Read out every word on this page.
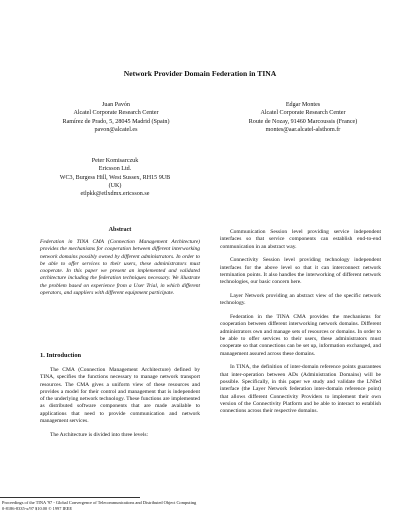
Network Provider Domain Federation in TINA
Juan Pavón
Alcatel Corporate Research Center
Ramírez de Prado, 5, 28045 Madrid (Spain)
pavon@alcatel.es
Edgar Montes
Alcatel Corporate Research Center
Route de Nozay, 91460 Marcoussis (France)
montes@aar.alcatel-alsthom.fr
Peter Komisarczuk
Ericsson Ltd.
WC3, Burgess Hill, West Sussex, RH15 9UB
(UK)
etlpkk@etlxdmx.ericsson.se
Abstract
Federation in TINA CMA (Connection Management Architecture) provides the mechanisms for cooperation between different interworking network domains possibly owned by different administrators. In order to be able to offer services to their users, these administrators must cooperate. In this paper we present an implemented and validated architecture including the federation techniques necessary. We illustrate the problem based on experience from a User Trial, in which different operators, and suppliers with different equipment participate.
1. Introduction

The CMA (Connection Management Architecture) defined by TINA, specifies the functions necessary to manage network transport resources. The CMA gives a uniform view of these resources and provides a model for their control and management that is independent of the underlying network technology. These functions are implemented as distributed software components that are made available to applications that need to provide communication and network management services.

The Architecture is divided into three levels:

Communication Session level providing service independent interfaces so that service components can establish end-to-end communication in an abstract way.

Connectivity Session level providing technology independent interfaces for the above level so that it can interconnect network termination points. It also handles the interworking of different network technologies, our basic concern here.

Layer Network providing an abstract view of the specific network technology.

Federation in the TINA CMA provides the mechanisms for cooperation between different interworking network domains. Different administrators own and manage sets of resources or domains. In order to be able to offer services to their users, these administrators must cooperate so that connections can be set up, information exchanged, and management assured across these domains.

In TINA, the definition of inter-domain reference points guarantees that inter-operation between ADs (Administration Domains) will be possible. Specifically, in this paper we study and validate the LNfed interface (the Layer Network federation inter-domain reference point) that allows different Connectivity Providers to implement their own version of the Connectivity Platform and be able to interact to establish connections across their respective domains.

Proceedings of the TINA '97 - Global Convergence of Telecommunications and Distributed Object Computing
0-8186-8335-x/97 $10.00 © 1997 IEEE
